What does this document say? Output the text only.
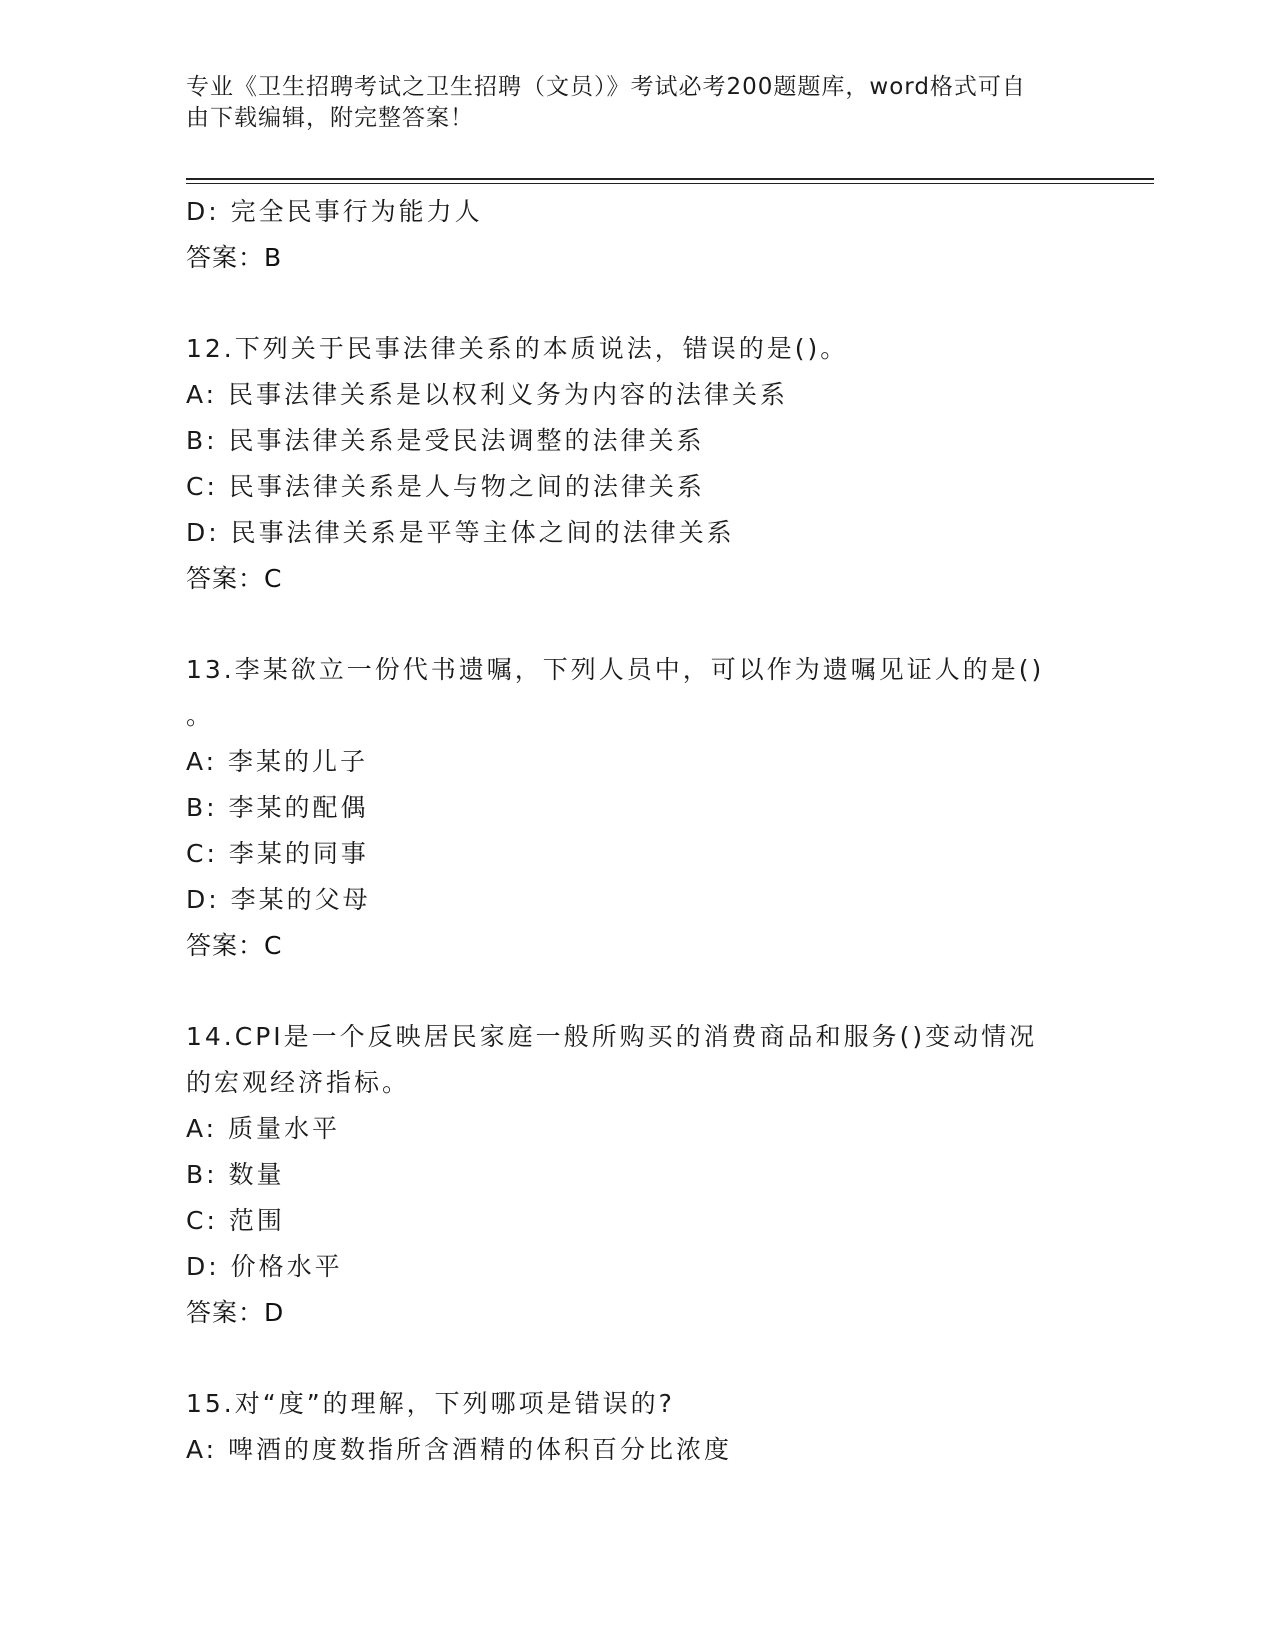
专业《卫生招聘考试之卫生招聘（文员）》考试必考200题题库，word格式可自
由下载编辑，附完整答案！
D: 完全民事行为能力人
答案：B
12.下列关于民事法律关系的本质说法，错误的是()。
A: 民事法律关系是以权利义务为内容的法律关系
B: 民事法律关系是受民法调整的法律关系
C: 民事法律关系是人与物之间的法律关系
D: 民事法律关系是平等主体之间的法律关系
答案：C
13.李某欲立一份代书遗嘱，下列人员中，可以作为遗嘱见证人的是()
。
A: 李某的儿子
B: 李某的配偶
C: 李某的同事
D: 李某的父母
答案：C
14.CPI是一个反映居民家庭一般所购买的消费商品和服务()变动情况
的宏观经济指标。
A: 质量水平
B: 数量
C: 范围
D: 价格水平
答案：D
15.对“度”的理解，下列哪项是错误的?
A: 啤酒的度数指所含酒精的体积百分比浓度
